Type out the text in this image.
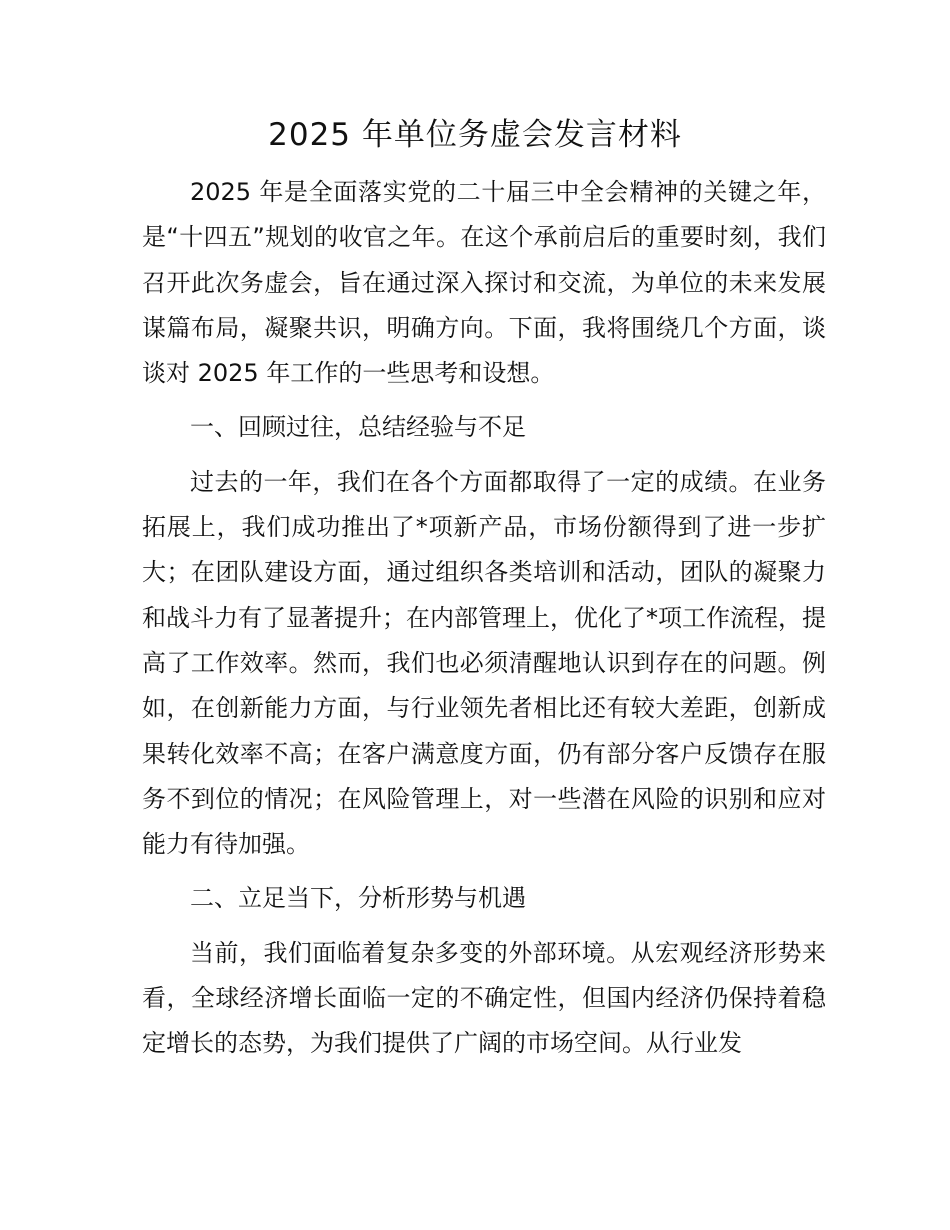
2025 年单位务虚会发言材料

2025 年是全面落实党的二十届三中全会精神的关键之年，是“十四五”规划的收官之年。在这个承前启后的重要时刻，我们召开此次务虚会，旨在通过深入探讨和交流，为单位的未来发展谋篇布局，凝聚共识，明确方向。下面，我将围绕几个方面，谈谈对 2025 年工作的一些思考和设想。

一、回顾过往，总结经验与不足

过去的一年，我们在各个方面都取得了一定的成绩。在业务拓展上，我们成功推出了*项新产品，市场份额得到了进一步扩大；在团队建设方面，通过组织各类培训和活动，团队的凝聚力和战斗力有了显著提升；在内部管理上，优化了*项工作流程，提高了工作效率。然而，我们也必须清醒地认识到存在的问题。例如，在创新能力方面，与行业领先者相比还有较大差距，创新成果转化效率不高；在客户满意度方面，仍有部分客户反馈存在服务不到位的情况；在风险管理上，对一些潜在风险的识别和应对能力有待加强。

二、立足当下，分析形势与机遇

当前，我们面临着复杂多变的外部环境。从宏观经济形势来看，全球经济增长面临一定的不确定性，但国内经济仍保持着稳定增长的态势，为我们提供了广阔的市场空间。从行业发
